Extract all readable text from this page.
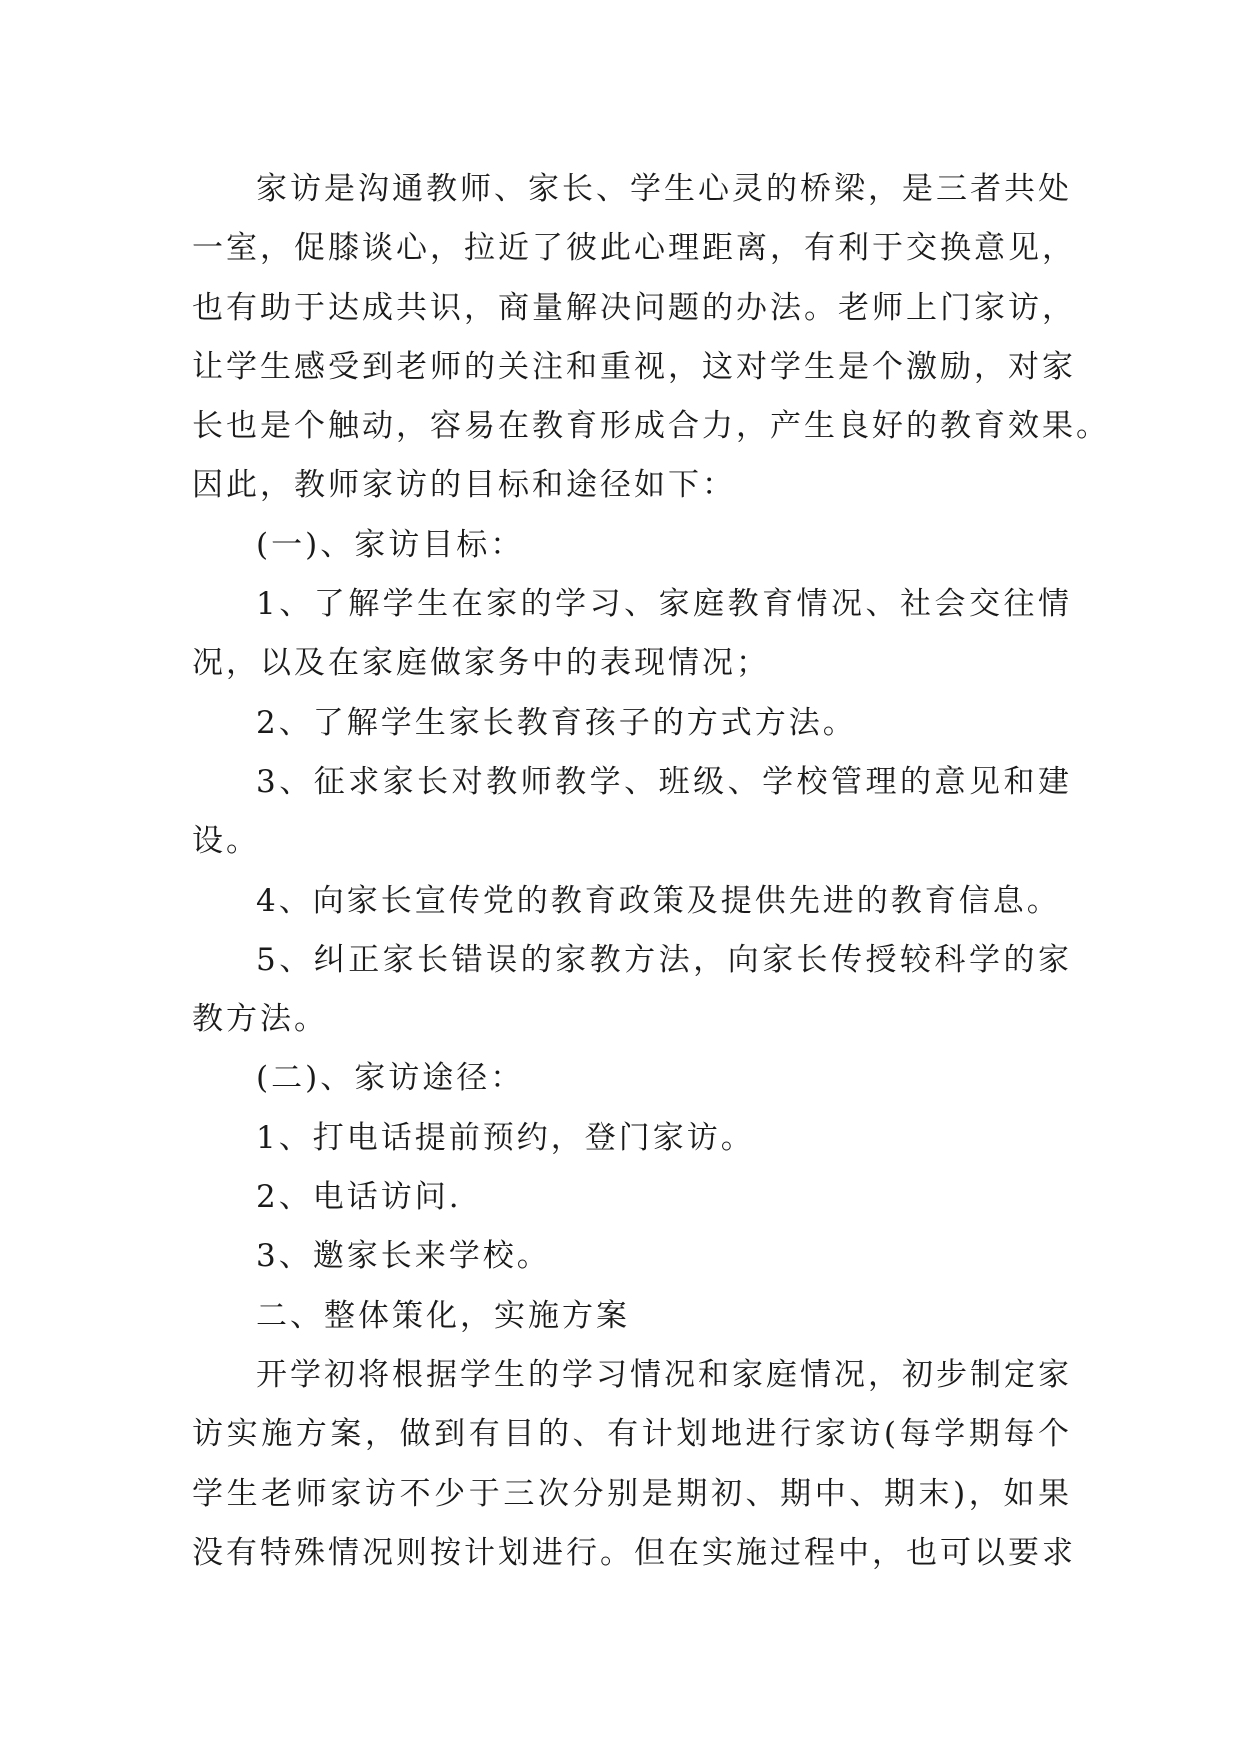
家访是沟通教师、家长、学生心灵的桥梁，是三者共处
一室，促膝谈心，拉近了彼此心理距离，有利于交换意见，
也有助于达成共识，商量解决问题的办法。老师上门家访，
让学生感受到老师的关注和重视，这对学生是个激励，对家
长也是个触动，容易在教育形成合力，产生良好的教育效果。
因此，教师家访的目标和途径如下：
(一)、家访目标：
1、了解学生在家的学习、家庭教育情况、社会交往情
况，以及在家庭做家务中的表现情况；
2、了解学生家长教育孩子的方式方法。
3、征求家长对教师教学、班级、学校管理的意见和建
设。
4、向家长宣传党的教育政策及提供先进的教育信息。
5、纠正家长错误的家教方法，向家长传授较科学的家
教方法。
(二)、家访途径：
1、打电话提前预约，登门家访。
2、电话访问.
3、邀家长来学校。
二、整体策化，实施方案
开学初将根据学生的学习情况和家庭情况，初步制定家
访实施方案，做到有目的、有计划地进行家访(每学期每个
学生老师家访不少于三次分别是期初、期中、期末)，如果
没有特殊情况则按计划进行。但在实施过程中，也可以要求
